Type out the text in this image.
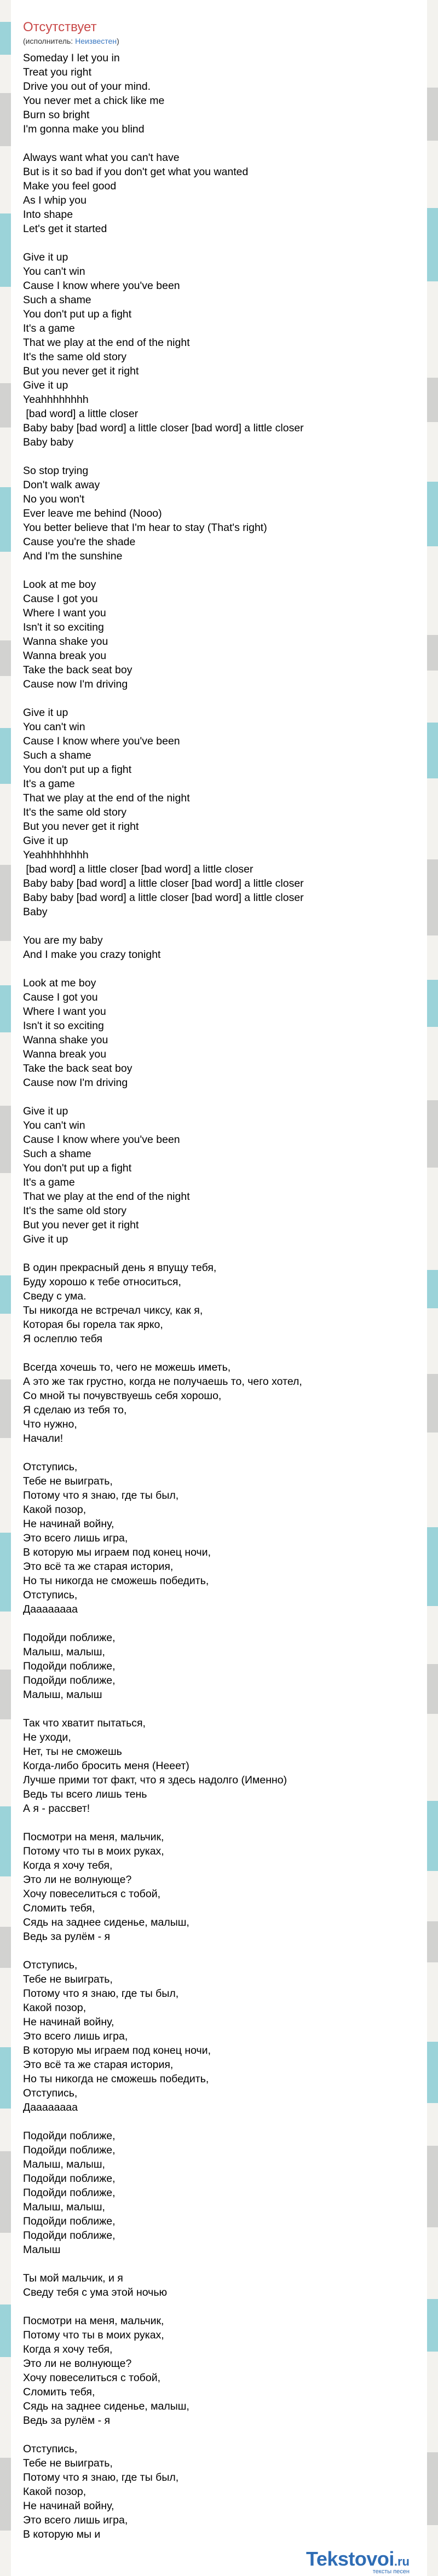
Отсутствует
(исполнитель: Неизвестен)
Someday I let you in
Treat you right
Drive you out of your mind.
You never met a chick like me
Burn so bright
I'm gonna make you blind
Always want what you can't have
But is it so bad if you don't get what you wanted
Make you feel good
As I whip you
Into shape
Let's get it started
Give it up
You can't win
Cause I know where you've been
Such a shame
You don't put up a fight
It's a game
That we play at the end of the night
It's the same old story
But you never get it right
Give it up
Yeahhhhhhhh
[bad word] a little closer
Baby baby [bad word] a little closer [bad word] a little closer
Baby baby
So stop trying
Don't walk away
No you won't
Ever leave me behind (Nooo)
You better believe that I'm hear to stay (That's right)
Cause you're the shade
And I'm the sunshine
Look at me boy
Cause I got you
Where I want you
Isn't it so exciting
Wanna shake you
Wanna break you
Take the back seat boy
Cause now I'm driving
Give it up
You can't win
Cause I know where you've been
Such a shame
You don't put up a fight
It's a game
That we play at the end of the night
It's the same old story
But you never get it right
Give it up
Yeahhhhhhhh
[bad word] a little closer [bad word] a little closer
Baby baby [bad word] a little closer [bad word] a little closer
Baby baby [bad word] a little closer [bad word] a little closer
Baby
You are my baby
And I make you crazy tonight
Look at me boy
Cause I got you
Where I want you
Isn't it so exciting
Wanna shake you
Wanna break you
Take the back seat boy
Cause now I'm driving
Give it up
You can't win
Cause I know where you've been
Such a shame
You don't put up a fight
It's a game
That we play at the end of the night
It's the same old story
But you never get it right
Give it up
В один прекрасный день я впущу тебя,
Буду хорошо к тебе относиться,
Сведу с ума.
Ты никогда не встречал чиксу, как я,
Которая бы горела так ярко,
Я ослеплю тебя
Всегда хочешь то, чего не можешь иметь,
А это же так грустно, когда не получаешь то, чего хотел,
Со мной ты почувствуешь себя хорошо,
Я сделаю из тебя то,
Что нужно,
Начали!
Отступись,
Тебе не выиграть,
Потому что я знаю, где ты был,
Какой позор,
Не начинай войну,
Это всего лишь игра,
В которую мы играем под конец ночи,
Это всё та же старая история,
Но ты никогда не сможешь победить,
Отступись,
Даааааааа
Подойди поближе,
Малыш, малыш,
Подойди поближе,
Подойди поближе,
Малыш, малыш
Так что хватит пытаться,
Не уходи,
Нет, ты не сможешь
Когда-либо бросить меня (Нееет)
Лучше прими тот факт, что я здесь надолго (Именно)
Ведь ты всего лишь тень
А я - рассвет!
Посмотри на меня, мальчик,
Потому что ты в моих руках,
Когда я хочу тебя,
Это ли не волнующе?
Хочу повеселиться с тобой,
Сломить тебя,
Сядь на заднее сиденье, малыш,
Ведь за рулём - я
Отступись,
Тебе не выиграть,
Потому что я знаю, где ты был,
Какой позор,
Не начинай войну,
Это всего лишь игра,
В которую мы играем под конец ночи,
Это всё та же старая история,
Но ты никогда не сможешь победить,
Отступись,
Даааааааа
Подойди поближе,
Подойди поближе,
Малыш, малыш,
Подойди поближе,
Подойди поближе,
Малыш, малыш,
Подойди поближе,
Подойди поближе,
Малыш
Ты мой мальчик, и я
Сведу тебя с ума этой ночью
Посмотри на меня, мальчик,
Потому что ты в моих руках,
Когда я хочу тебя,
Это ли не волнующе?
Хочу повеселиться с тобой,
Сломить тебя,
Сядь на заднее сиденье, малыш,
Ведь за рулём - я
Отступись,
Тебе не выиграть,
Потому что я знаю, где ты был,
Какой позор,
Не начинай войну,
Это всего лишь игра,
В которую мы и
Tekstovoi.ru
тексты песен
